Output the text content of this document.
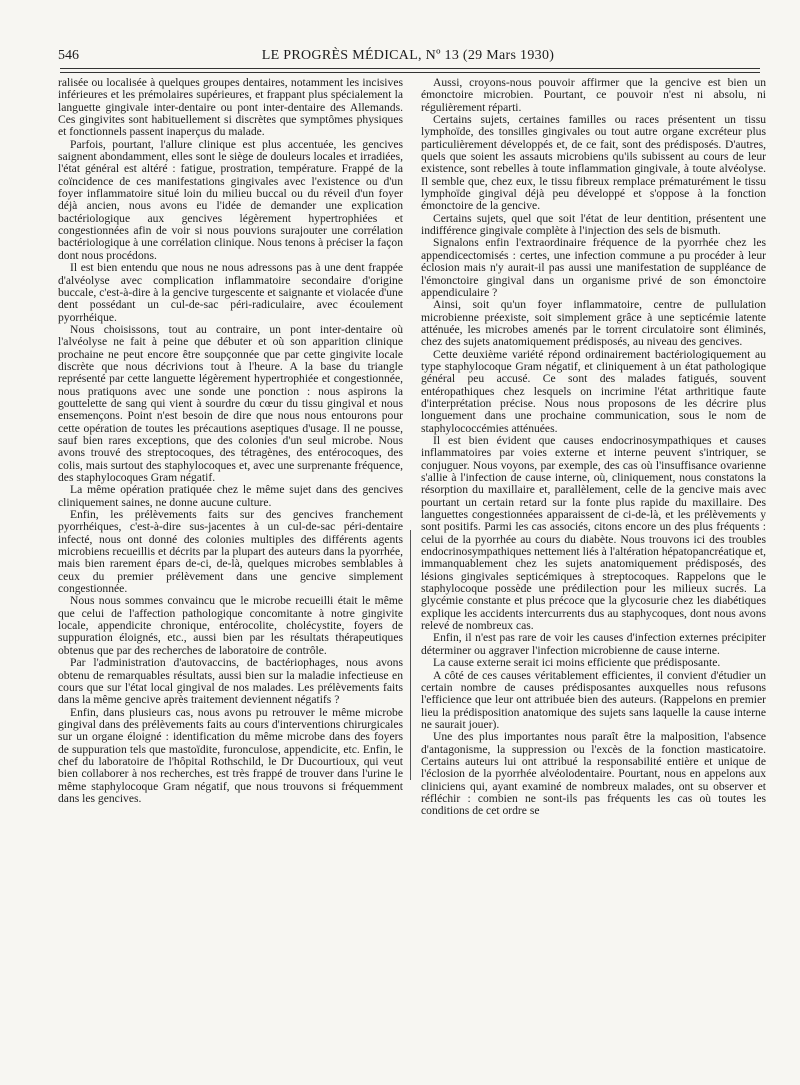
546	LE PROGRÈS MÉDICAL, Nº 13 (29 Mars 1930)

ralisée ou localisée à quelques groupes dentaires, notamment les incisives inférieures et les prémolaires supérieures, et frappant plus spécialement la languette gingivale inter-dentaire ou pont inter-dentaire des Allemands. Ces gingivites sont habituellement si discrètes que symptômes physiques et fonctionnels passent inaperçus du malade.

Parfois, pourtant, l'allure clinique est plus accentuée, les gencives saignent abondamment, elles sont le siège de douleurs locales et irradiées, l'état général est altéré : fatigue, prostration, température. Frappé de la coïncidence de ces manifestations gingivales avec l'existence ou d'un foyer inflammatoire situé loin du milieu buccal ou du réveil d'un foyer déjà ancien, nous avons eu l'idée de demander une explication bactériologique aux gencives légèrement hypertrophiées et congestionnées afin de voir si nous pouvions surajouter une corrélation bactériologique à une corrélation clinique. Nous tenons à préciser la façon dont nous procédons.

Il est bien entendu que nous ne nous adressons pas à une dent frappée d'alvéolyse avec complication inflammatoire secondaire d'origine buccale, c'est-à-dire à la gencive turgescente et saignante et violacée d'une dent possédant un cul-de-sac péri-radiculaire, avec écoulement pyorrhéique.

Nous choisissons, tout au contraire, un pont inter-dentaire où l'alvéolyse ne fait à peine que débuter et où son apparition clinique prochaine ne peut encore être soupçonnée que par cette gingivite locale discrète que nous décrivions tout à l'heure. A la base du triangle représenté par cette languette légèrement hypertrophiée et congestionnée, nous pratiquons avec une sonde une ponction : nous aspirons la gouttelette de sang qui vient à sourdre du cœur du tissu gingival et nous ensemençons. Point n'est besoin de dire que nous nous entourons pour cette opération de toutes les précautions aseptiques d'usage. Il ne pousse, sauf bien rares exceptions, que des colonies d'un seul microbe. Nous avons trouvé des streptocoques, des tétragènes, des entérocoques, des colis, mais surtout des staphylocoques et, avec une surprenante fréquence, des staphylocoques Gram négatif.

La même opération pratiquée chez le même sujet dans des gencives cliniquement saines, ne donne aucune culture.

Enfin, les prélèvements faits sur des gencives franchement pyorrhéiques, c'est-à-dire sus-jacentes à un cul-de-sac péri-dentaire infecté, nous ont donné des colonies multiples des différents agents microbiens recueillis et décrits par la plupart des auteurs dans la pyorrhée, mais bien rarement épars de-ci, de-là, quelques microbes semblables à ceux du premier prélèvement dans une gencive simplement congestionnée.

Nous nous sommes convaincu que le microbe recueilli était le même que celui de l'affection pathologique concomitante à notre gingivite locale, appendicite chronique, entérocolite, cholécystite, foyers de suppuration éloignés, etc., aussi bien par les résultats thérapeutiques obtenus que par des recherches de laboratoire de contrôle.

Par l'administration d'autovaccins, de bactériophages, nous avons obtenu de remarquables résultats, aussi bien sur la maladie infectieuse en cours que sur l'état local gingival de nos malades. Les prélèvements faits dans la même gencive après traitement deviennent négatifs ?

Enfin, dans plusieurs cas, nous avons pu retrouver le même microbe gingival dans des prélèvements faits au cours d'interventions chirurgicales sur un organe éloigné : identification du même microbe dans des foyers de suppuration tels que mastoïdite, furonculose, appendicite, etc. Enfin, le chef du laboratoire de l'hôpital Rothschild, le Dr Ducourtioux, qui veut bien collaborer à nos recherches, est très frappé de trouver dans l'urine le même staphylocoque Gram négatif, que nous trouvons si fréquemment dans les gencives.

Aussi, croyons-nous pouvoir affirmer que la gencive est bien un émonctoire microbien. Pourtant, ce pouvoir n'est ni absolu, ni régulièrement réparti.

Certains sujets, certaines familles ou races présentent un tissu lymphoïde, des tonsilles gingivales ou tout autre organe excréteur plus particulièrement développés et, de ce fait, sont des prédisposés. D'autres, quels que soient les assauts microbiens qu'ils subissent au cours de leur existence, sont rebelles à toute inflammation gingivale, à toute alvéolyse. Il semble que, chez eux, le tissu fibreux remplace prématurément le tissu lymphoïde gingival déjà peu développé et s'oppose à la fonction émonctoire de la gencive.

Certains sujets, quel que soit l'état de leur dentition, présentent une indifférence gingivale complète à l'injection des sels de bismuth.

Signalons enfin l'extraordinaire fréquence de la pyorrhée chez les appendicectomisés : certes, une infection commune a pu procéder à leur éclosion mais n'y aurait-il pas aussi une manifestation de suppléance de l'émonctoire gingival dans un organisme privé de son émonctoire appendiculaire ?

Ainsi, soit qu'un foyer inflammatoire, centre de pullulation microbienne préexiste, soit simplement grâce à une septicémie latente atténuée, les microbes amenés par le torrent circulatoire sont éliminés, chez des sujets anatomiquement prédisposés, au niveau des gencives.

Cette deuxième variété répond ordinairement bactériologiquement au type staphylocoque Gram négatif, et cliniquement à un état pathologique général peu accusé. Ce sont des malades fatigués, souvent entéropathiques chez lesquels on incrimine l'état arthritique faute d'interprétation précise. Nous nous proposons de les décrire plus longuement dans une prochaine communication, sous le nom de staphylococcémies atténuées.

Il est bien évident que causes endocrinosympathiques et causes inflammatoires par voies externe et interne peuvent s'intriquer, se conjuguer. Nous voyons, par exemple, des cas où l'insuffisance ovarienne s'allie à l'infection de cause interne, où, cliniquement, nous constatons la résorption du maxillaire et, parallèlement, celle de la gencive mais avec pourtant un certain retard sur la fonte plus rapide du maxillaire. Des languettes congestionnées apparaissent de ci-de-là, et les prélèvements y sont positifs. Parmi les cas associés, citons encore un des plus fréquents : celui de la pyorrhée au cours du diabète. Nous trouvons ici des troubles endocrinosympathiques nettement liés à l'altération hépatopancréatique et, immanquablement chez les sujets anatomiquement prédisposés, des lésions gingivales septicémiques à streptocoques. Rappelons que le staphylocoque possède une prédilection pour les milieux sucrés. La glycémie constante et plus précoce que la glycosurie chez les diabétiques explique les accidents intercurrents dus au staphycoques, dont nous avons relevé de nombreux cas.

Enfin, il n'est pas rare de voir les causes d'infection externes précipiter déterminer ou aggraver l'infection microbienne de cause interne.

La cause externe serait ici moins efficiente que prédisposante.

A côté de ces causes véritablement efficientes, il convient d'étudier un certain nombre de causes prédisposantes auxquelles nous refusons l'efficience que leur ont attribuée bien des auteurs. (Rappelons en premier lieu la prédisposition anatomique des sujets sans laquelle la cause interne ne saurait jouer).

Une des plus importantes nous paraît être la malposition, l'absence d'antagonisme, la suppression ou l'excès de la fonction masticatoire. Certains auteurs lui ont attribué la responsabilité entière et unique de l'éclosion de la pyorrhée alvéolodentaire. Pourtant, nous en appelons aux cliniciens qui, ayant examiné de nombreux malades, ont su observer et réfléchir : combien ne sont-ils pas fréquents les cas où toutes les conditions de cet ordre se
